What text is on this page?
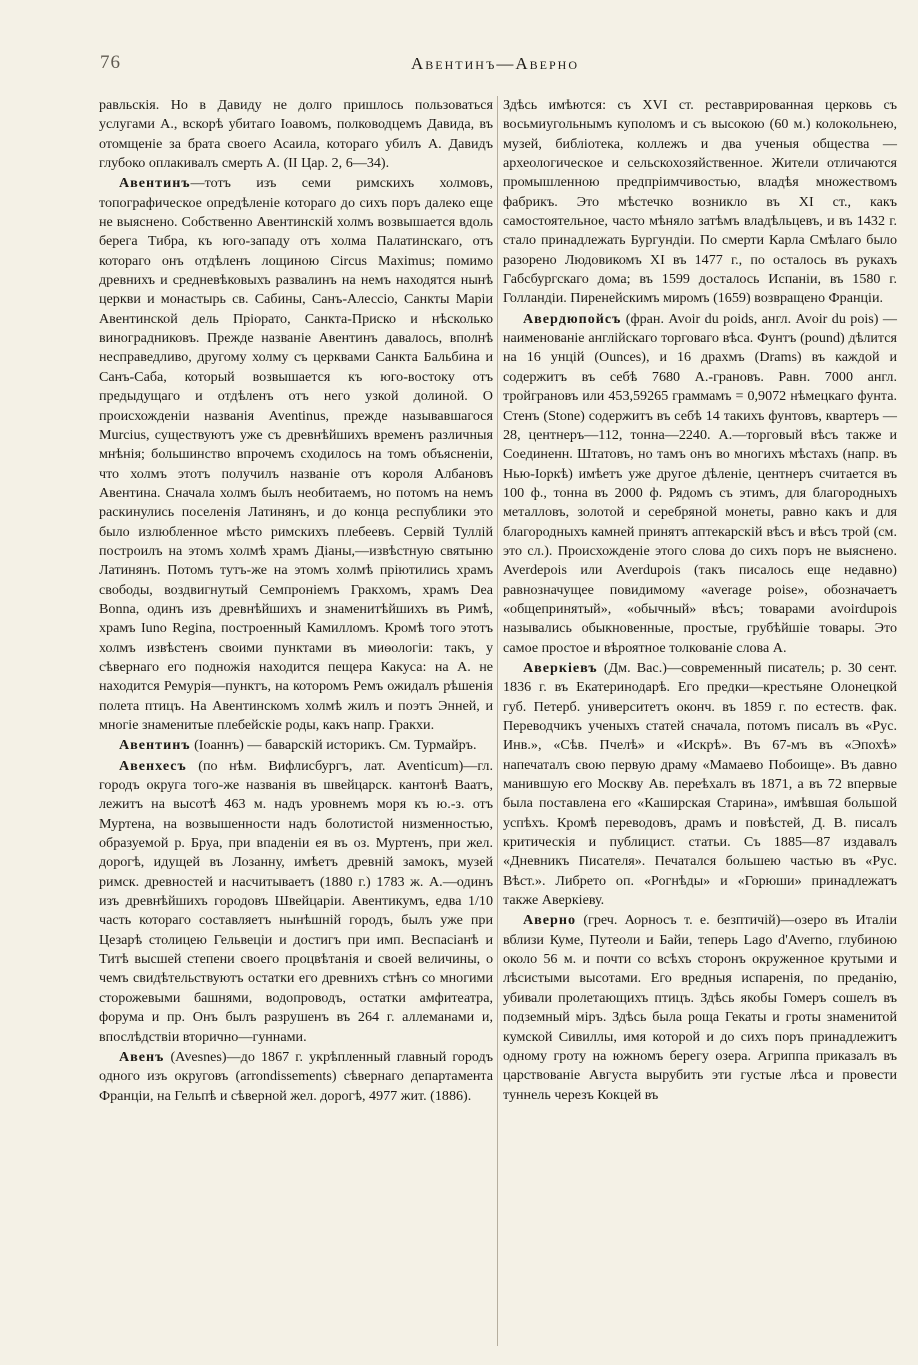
76	Авентинъ—Аверно

равльскія. Но в Давиду не долго пришлось пользоваться услугами А., вскорѣ убитаго Іоавомъ, полководцемъ Давида, въ отомщеніе за брата своего Асаила, котораго убилъ А. Давидъ глубоко оплакивалъ смерть А. (II Цар. 2, 6—34).

Авентинъ—тотъ изъ семи римскихъ холмовъ, топографическое опредѣленіе котораго до сихъ поръ далеко еще не выяснено. Собственно Авентинскій холмъ возвышается вдоль берега Тибра, къ юго-западу отъ холма Палатинскаго, отъ котораго онъ отдѣленъ лощиною Circus Maximus; помимо древнихъ и средневѣковыхъ развалинъ на немъ находятся нынѣ церкви и монастырь св. Сабины, Санъ-Алессіо, Санкты Маріи Авентинской дель Пріорато, Санкта-Приско и нѣсколько виноградниковъ. Прежде названіе Авентинъ давалось, вполнѣ несправедливо, другому холму съ церквами Санкта Бальбина и Санъ-Саба, который возвышается къ юго-востоку отъ предыдущаго и отдѣленъ отъ него узкой долиной. О происхожденіи названія Aventinus, прежде называвшагося Murcius, существуютъ уже съ древнѣйшихъ временъ различныя мнѣнія; большинство впрочемъ сходилось на томъ объясненіи, что холмъ этотъ получилъ названіе отъ короля Албановъ Авентина. Сначала холмъ былъ необитаемъ, но потомъ на немъ раскинулись поселенія Латинянъ, и до конца республики это было излюбленное мѣсто римскихъ плебеевъ. Сервій Туллій построилъ на этомъ холмѣ храмъ Діаны,—извѣстную святыню Латинянъ. Потомъ тутъ-же на этомъ холмѣ пріютились храмъ свободы, воздвигнутый Семпроніемъ Гракхомъ, храмъ Dea Bonna, одинъ изъ древнѣйшихъ и знаменитѣйшихъ въ Римѣ, храмъ Iuno Regina, построенный Камилломъ. Кромѣ того этотъ холмъ извѣстенъ своими пунктами въ миѳологіи: такъ, у сѣвернаго его подножія находится пещера Какуса: на А. не находится Ремурія—пунктъ, на которомъ Ремъ ожидалъ рѣшенія полета птицъ. На Авентинскомъ холмѣ жилъ и поэтъ Энней, и многіе знаменитые плебейскіе роды, какъ напр. Гракхи.

Авентинъ (Іоаннъ) — баварскій историкъ. См. Турмайръ.

Авенхесъ (по нѣм. Вифлисбургъ, лат. Aventicum)—гл. городъ округа того-же названія въ швейцарск. кантонѣ Ваатъ, лежитъ на высотѣ 463 м. надъ уровнемъ моря къ ю.-з. отъ Муртена, на возвышенности надъ болотистой низменностью, образуемой р. Бруа, при впаденіи ея въ оз. Муртенъ, при жел. дорогѣ, идущей въ Лозанну, имѣетъ древній замокъ, музей римск. древностей и насчитываетъ (1880 г.) 1783 ж. А.—одинъ изъ древнѣйшихъ городовъ Швейцаріи. Авентикумъ, едва 1/10 часть котораго составляетъ нынѣшній городъ, былъ уже при Цезарѣ столицею Гельвеціи и достигъ при имп. Веспасіанѣ и Титѣ высшей степени своего процвѣтанія и своей величины, о чемъ свидѣтельствуютъ остатки его древнихъ стѣнъ со многими сторожевыми башнями, водопроводъ, остатки амфитеатра, форума и пр. Онъ былъ разрушенъ въ 264 г. аллеманами и, впослѣдствіи вторично—гуннами.

Авенъ (Avesnes)—до 1867 г. укрѣпленный главный городъ одного изъ округовъ (arrondissements) сѣвернаго департамента Франціи, на Гельпѣ и сѣверной жел. дорогѣ, 4977 жит. (1886).

Здѣсь имѣются: съ XVI ст. реставрированная церковь съ восьмиугольнымъ куполомъ и съ высокою (60 м.) колокольнею, музей, библіотека, коллежъ и два ученыя общества — археологическое и сельскохозяйственное. Жители отличаются промышленною предпріимчивостью, владѣя множествомъ фабрикъ. Это мѣстечко возникло въ XI ст., какъ самостоятельное, часто мѣняло затѣмъ владѣльцевъ, и въ 1432 г. стало принадлежать Бургундіи. По смерти Карла Смѣлаго было разорено Людовикомъ XI въ 1477 г., по осталось въ рукахъ Габсбургскаго дома; въ 1599 досталось Испаніи, въ 1580 г. Голландіи. Пиренейскимъ миромъ (1659) возвращено Франціи.

Авердюпойсъ (фран. Avoir du poids, англ. Avoir du pois) — наименованіе англійскаго торговаго вѣса. Фунтъ (pound) дѣлится на 16 унцій (Ounces), и 16 драхмъ (Drams) въ каждой и содержитъ въ себѣ 7680 А.-грановъ. Равн. 7000 англ. тройграновъ или 453,59265 граммамъ = 0,9072 нѣмецкаго фунта. Стенъ (Stone) содержитъ въ себѣ 14 такихъ фунтовъ, квартеръ —28, центнеръ—112, тонна—2240. А.—торговый вѣсъ также и Соединенн. Штатовъ, но тамъ онъ во многихъ мѣстахъ (напр. въ Нью-Іоркѣ) имѣетъ уже другое дѣленіе, центнеръ считается въ 100 ф., тонна въ 2000 ф. Рядомъ съ этимъ, для благородныхъ металловъ, золотой и серебряной монеты, равно какъ и для благородныхъ камней принятъ аптекарскій вѣсъ и вѣсъ трой (см. это сл.). Происхожденіе этого слова до сихъ поръ не выяснено. Averdepois или Averdupois (такъ писалось еще недавно) равнозначущее повидимому «average poise», обозначаетъ «общепринятый», «обычный» вѣсъ; товарами avoirdupois назывались обыкновенные, простые, грубѣйшіе товары. Это самое простое и вѣроятное толкованіе слова А.

Аверкіевъ (Дм. Вас.)—современный писатель; р. 30 сент. 1836 г. въ Екатеринодарѣ. Его предки—крестьяне Олонецкой губ. Петерб. университетъ оконч. въ 1859 г. по естеств. фак. Переводчикъ ученыхъ статей сначала, потомъ писалъ въ «Рус. Инв.», «Сѣв. Пчелѣ» и «Искрѣ». Въ 67-мъ въ «Эпохѣ» напечаталъ свою первую драму «Мамаево Побоище». Въ давно манившую его Москву Ав. переѣхалъ въ 1871, а въ 72 впервые была поставлена его «Каширская Старина», имѣвшая большой успѣхъ. Кромѣ переводовъ, драмъ и повѣстей, Д. В. писалъ критическія и публицист. статьи. Съ 1885—87 издавалъ «Дневникъ Писателя». Печатался большею частью въ «Рус. Вѣст.». Либрето оп. «Рогнѣды» и «Горюши» принадлежатъ также Аверкіеву.

Аверно (греч. Аорносъ т. е. безптичій)—озеро въ Италіи вблизи Куме, Путеоли и Байи, теперь Lago d'Averno, глубиною около 56 м. и почти со всѣхъ сторонъ окруженное крутыми и лѣсистыми высотами. Его вредныя испаренія, по преданію, убивали пролетающихъ птицъ. Здѣсь якобы Гомеръ сошелъ въ подземный міръ. Здѣсь была роща Гекаты и гроты знаменитой кумской Сивиллы, имя которой и до сихъ поръ принадлежитъ одному гроту на южномъ берегу озера. Агриппа приказалъ въ царствованіе Августа вырубить эти густые лѣса и провести туннель черезъ Кокцей въ
